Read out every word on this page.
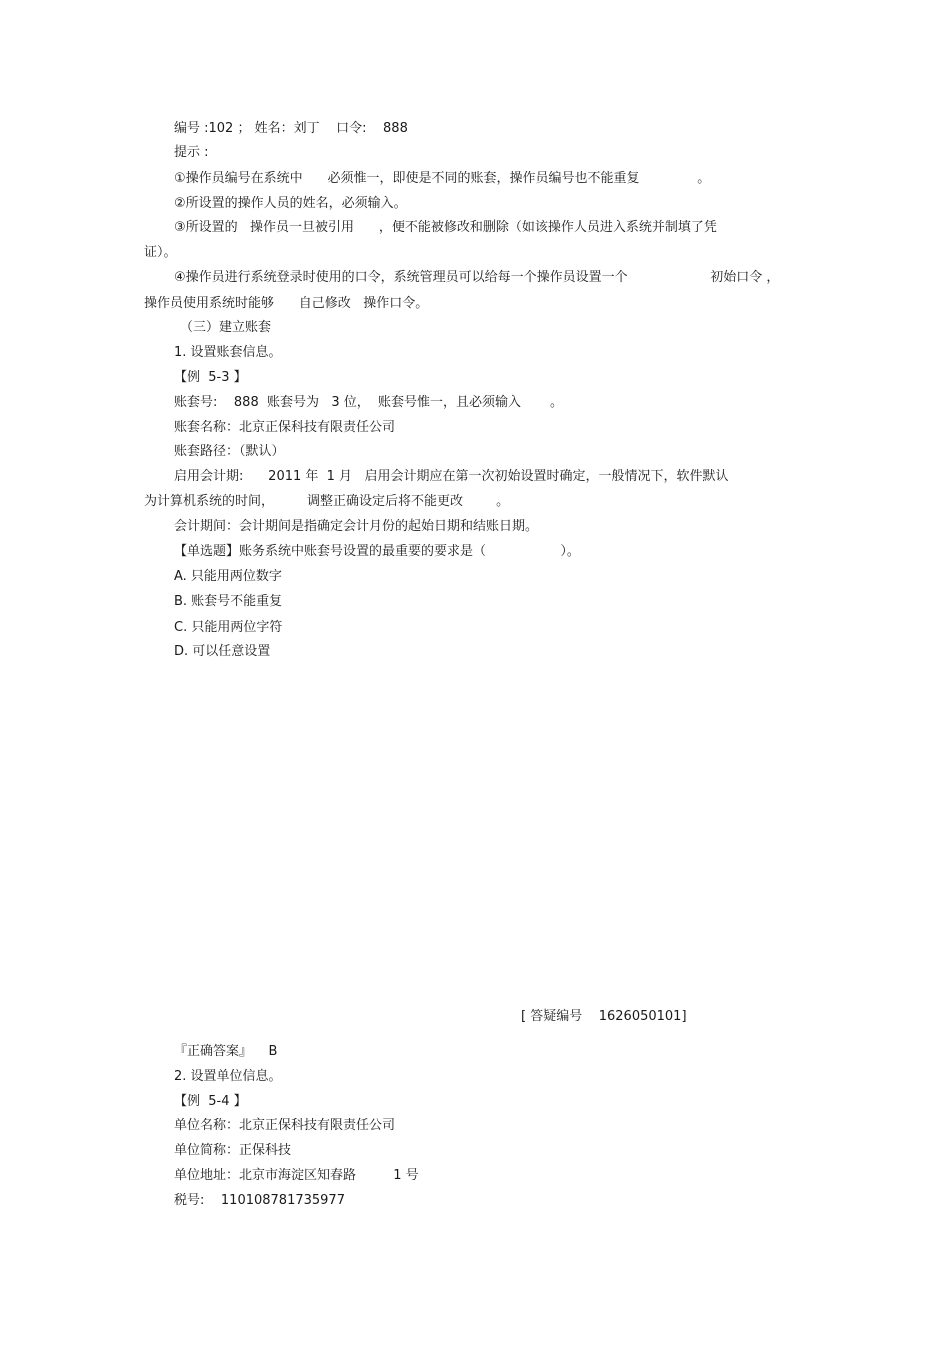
编号 :102 ； 姓名：刘丁    口令:    888

提示 :

①操作员编号在系统中      必须惟一，即使是不同的账套，操作员编号也不能重复              。

②所设置的操作人员的姓名，必须输入。

③所设置的   操作员一旦被引用      ，便不能被修改和删除（如该操作人员进入系统并制填了凭

证）。

④操作员进行系统登录时使用的口令，系统管理员可以给每一个操作员设置一个                    初始口令 ，

操作员使用系统时能够      自己修改   操作口令。

（三）建立账套

1. 设置账套信息。

【例  5-3 】

账套号:    888  账套号为   3 位，  账套号惟一，且必须输入       。

账套名称：北京正保科技有限责任公司

账套路径：（默认）

启用会计期:      2011 年  1 月   启用会计期应在第一次初始设置时确定，一般情况下，软件默认

为计算机系统的时间，        调整正确设定后将不能更改        。

会计期间：会计期间是指确定会计月份的起始日期和结账日期。

【单选题】账务系统中账套号设置的最重要的要求是（                  ）。

A. 只能用两位数字

B. 账套号不能重复

C. 只能用两位字符

D. 可以任意设置

[ 答疑编号    1626050101]

『正确答案』    B

2. 设置单位信息。

【例  5-4 】

单位名称：北京正保科技有限责任公司

单位简称：正保科技

单位地址：北京市海淀区知春路         1 号

税号:    110108781735977
